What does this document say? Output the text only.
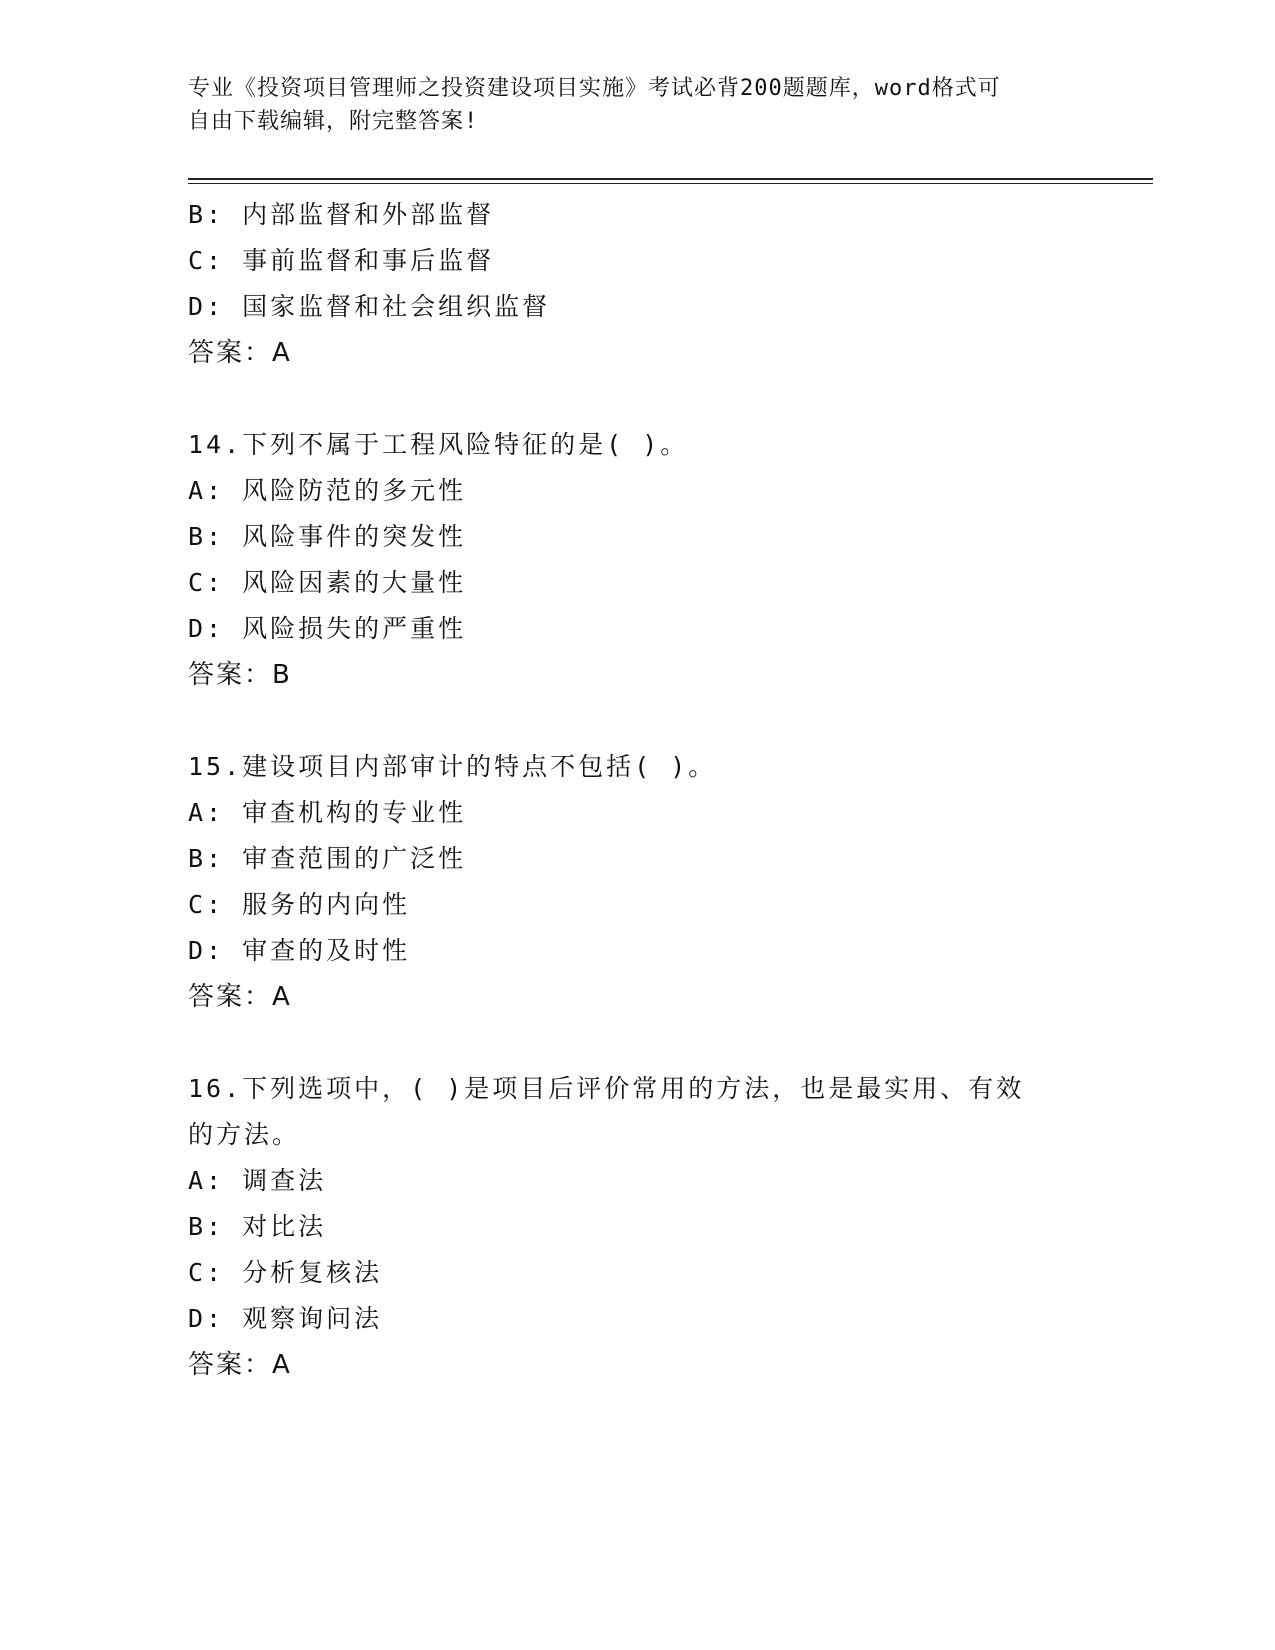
专业《投资项目管理师之投资建设项目实施》考试必背200题题库，word格式可
自由下载编辑，附完整答案!
B: 内部监督和外部监督
C: 事前监督和事后监督
D: 国家监督和社会组织监督
答案：A
14.下列不属于工程风险特征的是( )。
A: 风险防范的多元性
B: 风险事件的突发性
C: 风险因素的大量性
D: 风险损失的严重性
答案：B
15.建设项目内部审计的特点不包括( )。
A: 审查机构的专业性
B: 审查范围的广泛性
C: 服务的内向性
D: 审查的及时性
答案：A
16.下列选项中，( )是项目后评价常用的方法，也是最实用、有效
的方法。
A: 调查法
B: 对比法
C: 分析复核法
D: 观察询问法
答案：A
